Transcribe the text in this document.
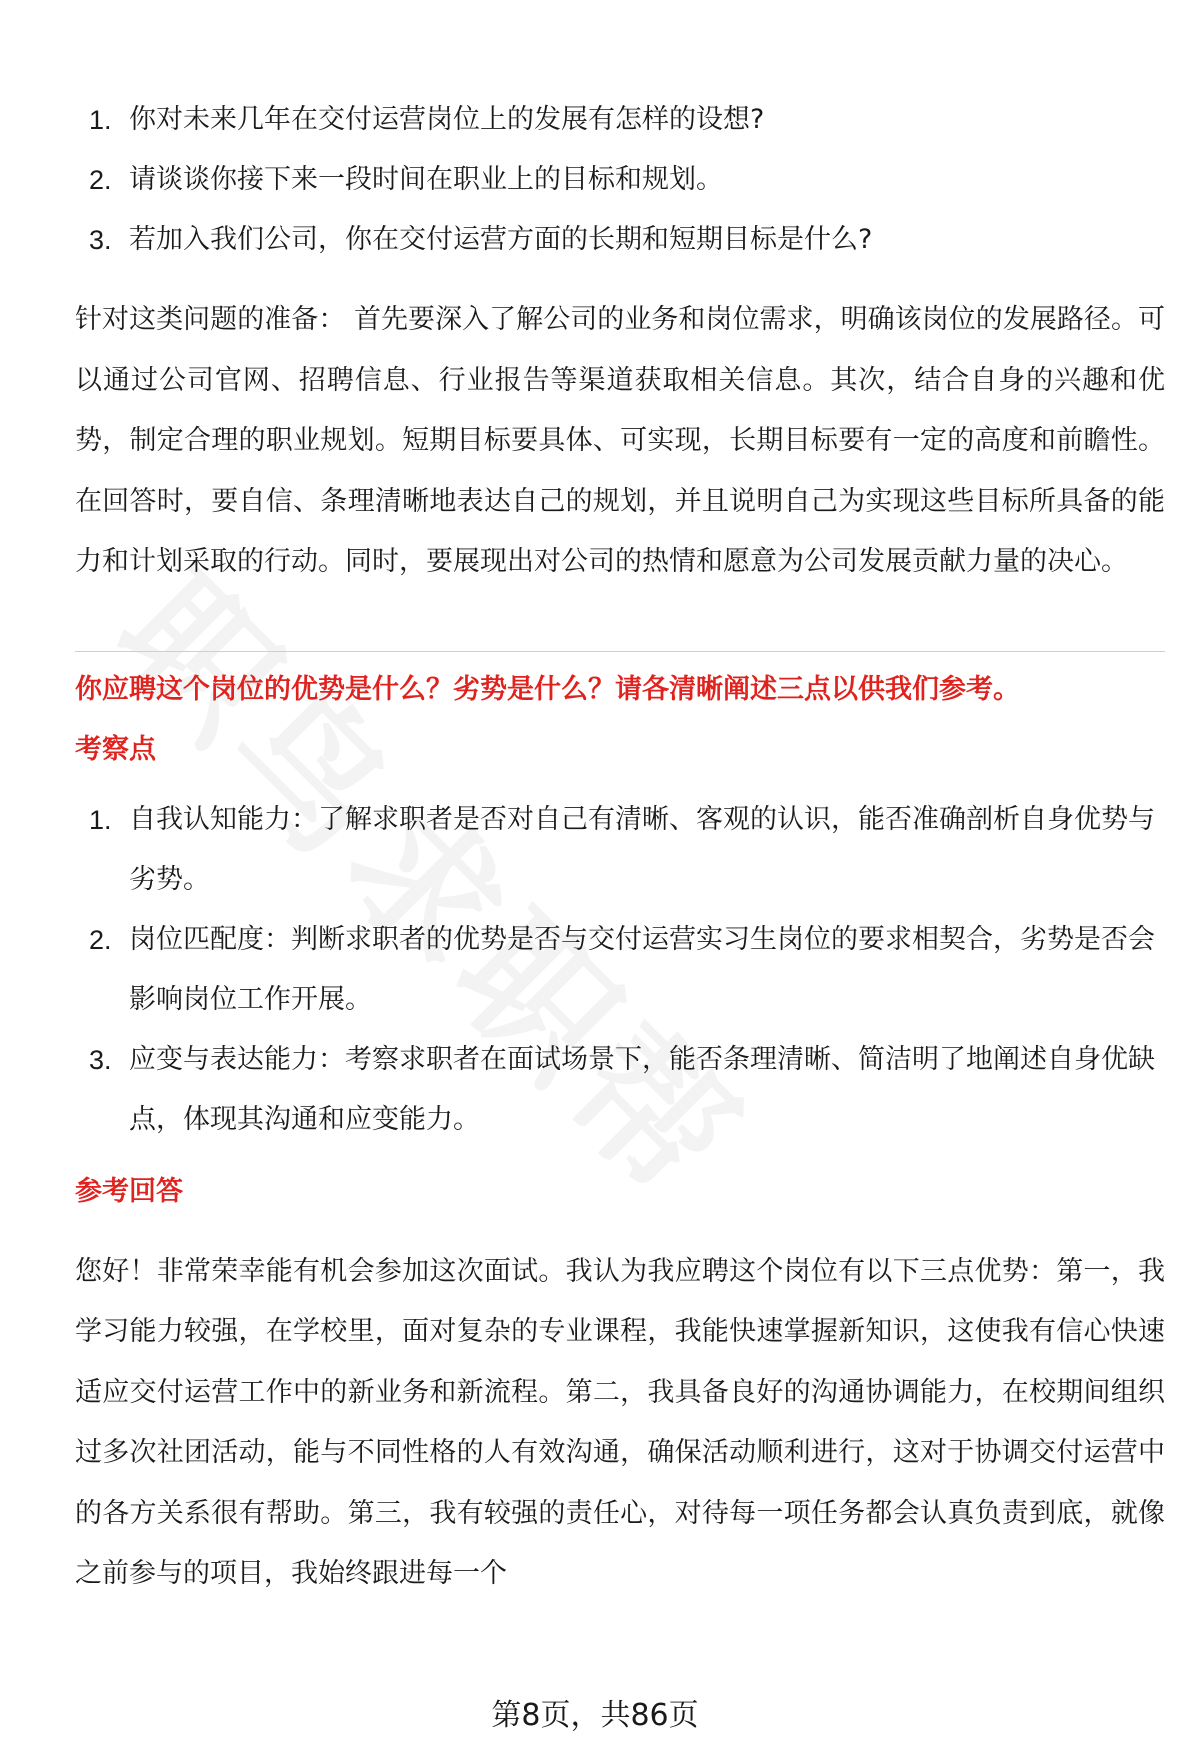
1. 你对未来几年在交付运营岗位上的发展有怎样的设想?
2. 请谈谈你接下来一段时间在职业上的目标和规划。
3. 若加入我们公司，你在交付运营方面的长期和短期目标是什么?

针对这类问题的准备： 首先要深入了解公司的业务和岗位需求，明确该岗位的发展路径。可以通过公司官网、招聘信息、行业报告等渠道获取相关信息。其次，结合自身的兴趣和优势，制定合理的职业规划。短期目标要具体、可实现，长期目标要有一定的高度和前瞻性。在回答时，要自信、条理清晰地表达自己的规划，并且说明自己为实现这些目标所具备的能力和计划采取的行动。同时，要展现出对公司的热情和愿意为公司发展贡献力量的决心。

你应聘这个岗位的优势是什么？劣势是什么？请各清晰阐述三点以供我们参考。

考察点

1. 自我认知能力：了解求职者是否对自己有清晰、客观的认识，能否准确剖析自身优势与劣势。
2. 岗位匹配度：判断求职者的优势是否与交付运营实习生岗位的要求相契合，劣势是否会影响岗位工作开展。
3. 应变与表达能力：考察求职者在面试场景下，能否条理清晰、简洁明了地阐述自身优缺点，体现其沟通和应变能力。

参考回答

您好！非常荣幸能有机会参加这次面试。我认为我应聘这个岗位有以下三点优势：第一，我学习能力较强，在学校里，面对复杂的专业课程，我能快速掌握新知识，这使我有信心快速适应交付运营工作中的新业务和新流程。第二，我具备良好的沟通协调能力，在校期间组织过多次社团活动，能与不同性格的人有效沟通，确保活动顺利进行，这对于协调交付运营中的各方关系很有帮助。第三，我有较强的责任心，对待每一项任务都会认真负责到底，就像之前参与的项目，我始终跟进每一个

第8页，共86页
